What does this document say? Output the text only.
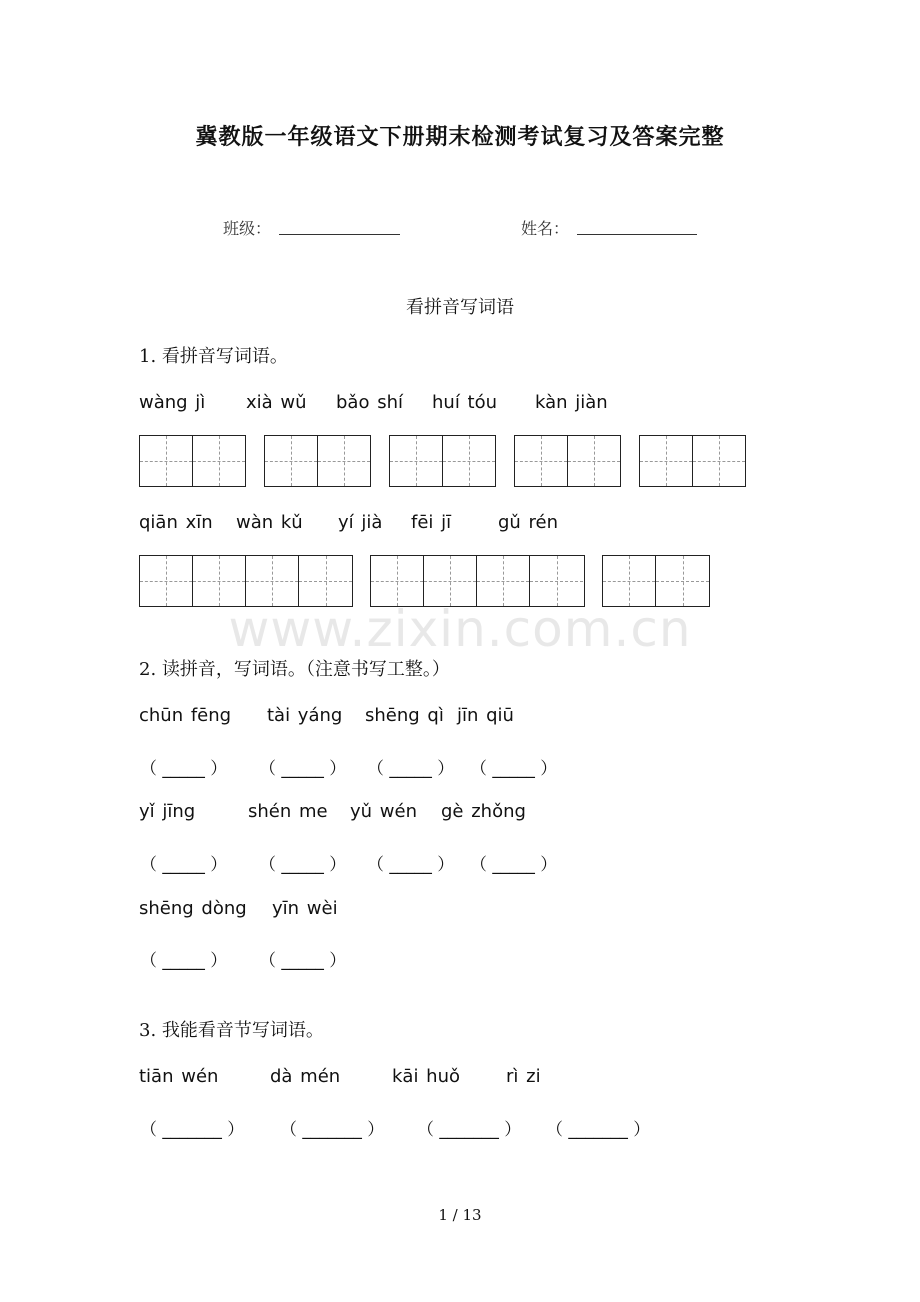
冀教版一年级语文下册期末检测考试复习及答案完整
班级：	姓名：
看拼音写词语
1. 看拼音写词语。
wàng jì xià wǔ bǎo shí huí tóu kàn jiàn
qiān xīn wàn kǔ yí jià fēi jī	gǔ rén
www.zixin.com.cn
2. 读拼音，写词语。（注意书写工整。）
chūn fēng tài yáng shēng qì jīn qiū
（ _____ ） （ _____ ） （ _____ ） （ _____ ）
yǐ jīng	shén me yǔ wén gè zhǒng
（ _____ ） （ _____ ） （ _____ ） （ _____ ）
shēng dòng yīn wèi
（ _____ ） （ _____ ）
3. 我能看音节写词语。
tiān wén	dà mén	kāi huǒ	rì zi
（ _______ ） （ _______ ） （ _______ ） （ _______ ）
1 / 13
